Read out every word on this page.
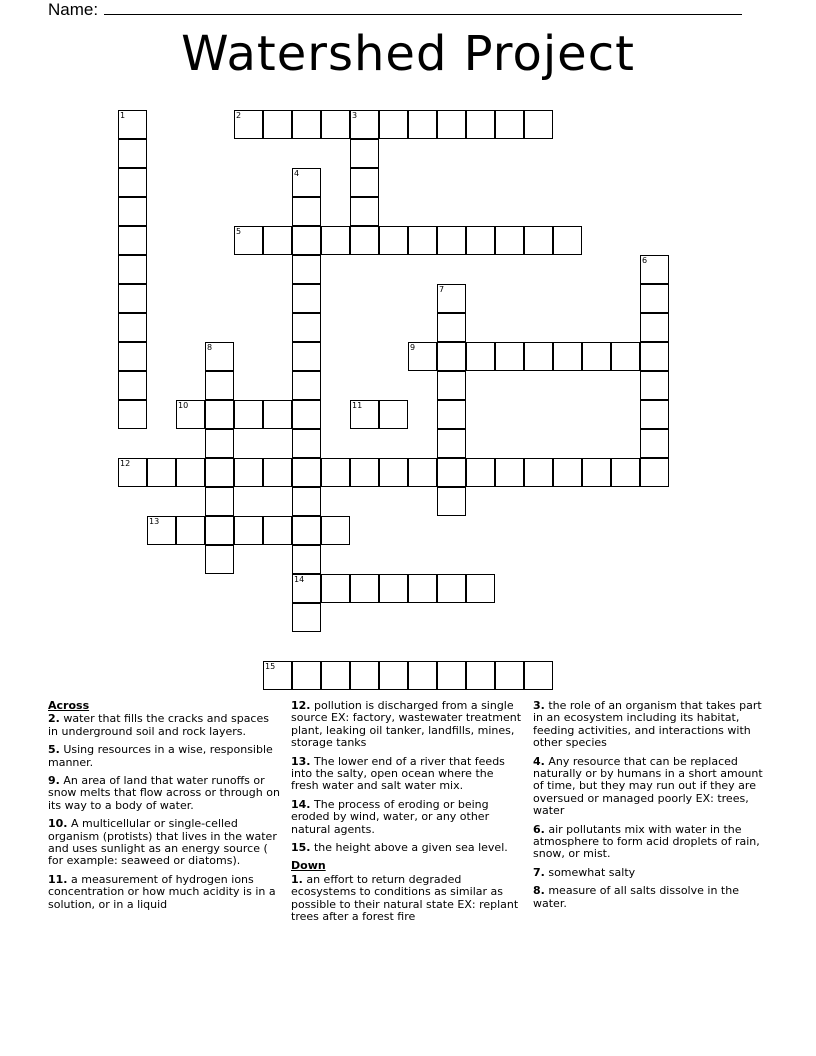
Name:
Watershed Project
1	2	3
4
14
5
6
7
8	9
10	11
12
13
15
Across
2. water that fills the cracks and spaces in underground soil and rock layers.
5. Using resources in a wise, responsible manner.
9. An area of land that water runoffs or snow melts that flow across or through on its way to a body of water.
10. A multicellular or single-celled organism (protists) that lives in the water and uses sunlight as an energy source ( for example: seaweed or diatoms).
11. a measurement of hydrogen ions concentration or how much acidity is in a solution, or in a liquid
12. pollution is discharged from a single source EX: factory, wastewater treatment plant, leaking oil tanker, landfills, mines, storage tanks
13. The lower end of a river that feeds into the salty, open ocean where the fresh water and salt water mix.
14. The process of eroding or being eroded by wind, water, or any other natural agents.
15. the height above a given sea level.
Down
1. an effort to return degraded ecosystems to conditions as similar as possible to their natural state EX: replant trees after a forest fire
3. the role of an organism that takes part in an ecosystem including its habitat, feeding activities, and interactions with other species
4. Any resource that can be replaced naturally or by humans in a short amount of time, but they may run out if they are oversued or managed poorly EX: trees, water
6. air pollutants mix with water in the atmosphere to form acid droplets of rain, snow, or mist.
7. somewhat salty
8. measure of all salts dissolve in the water.
